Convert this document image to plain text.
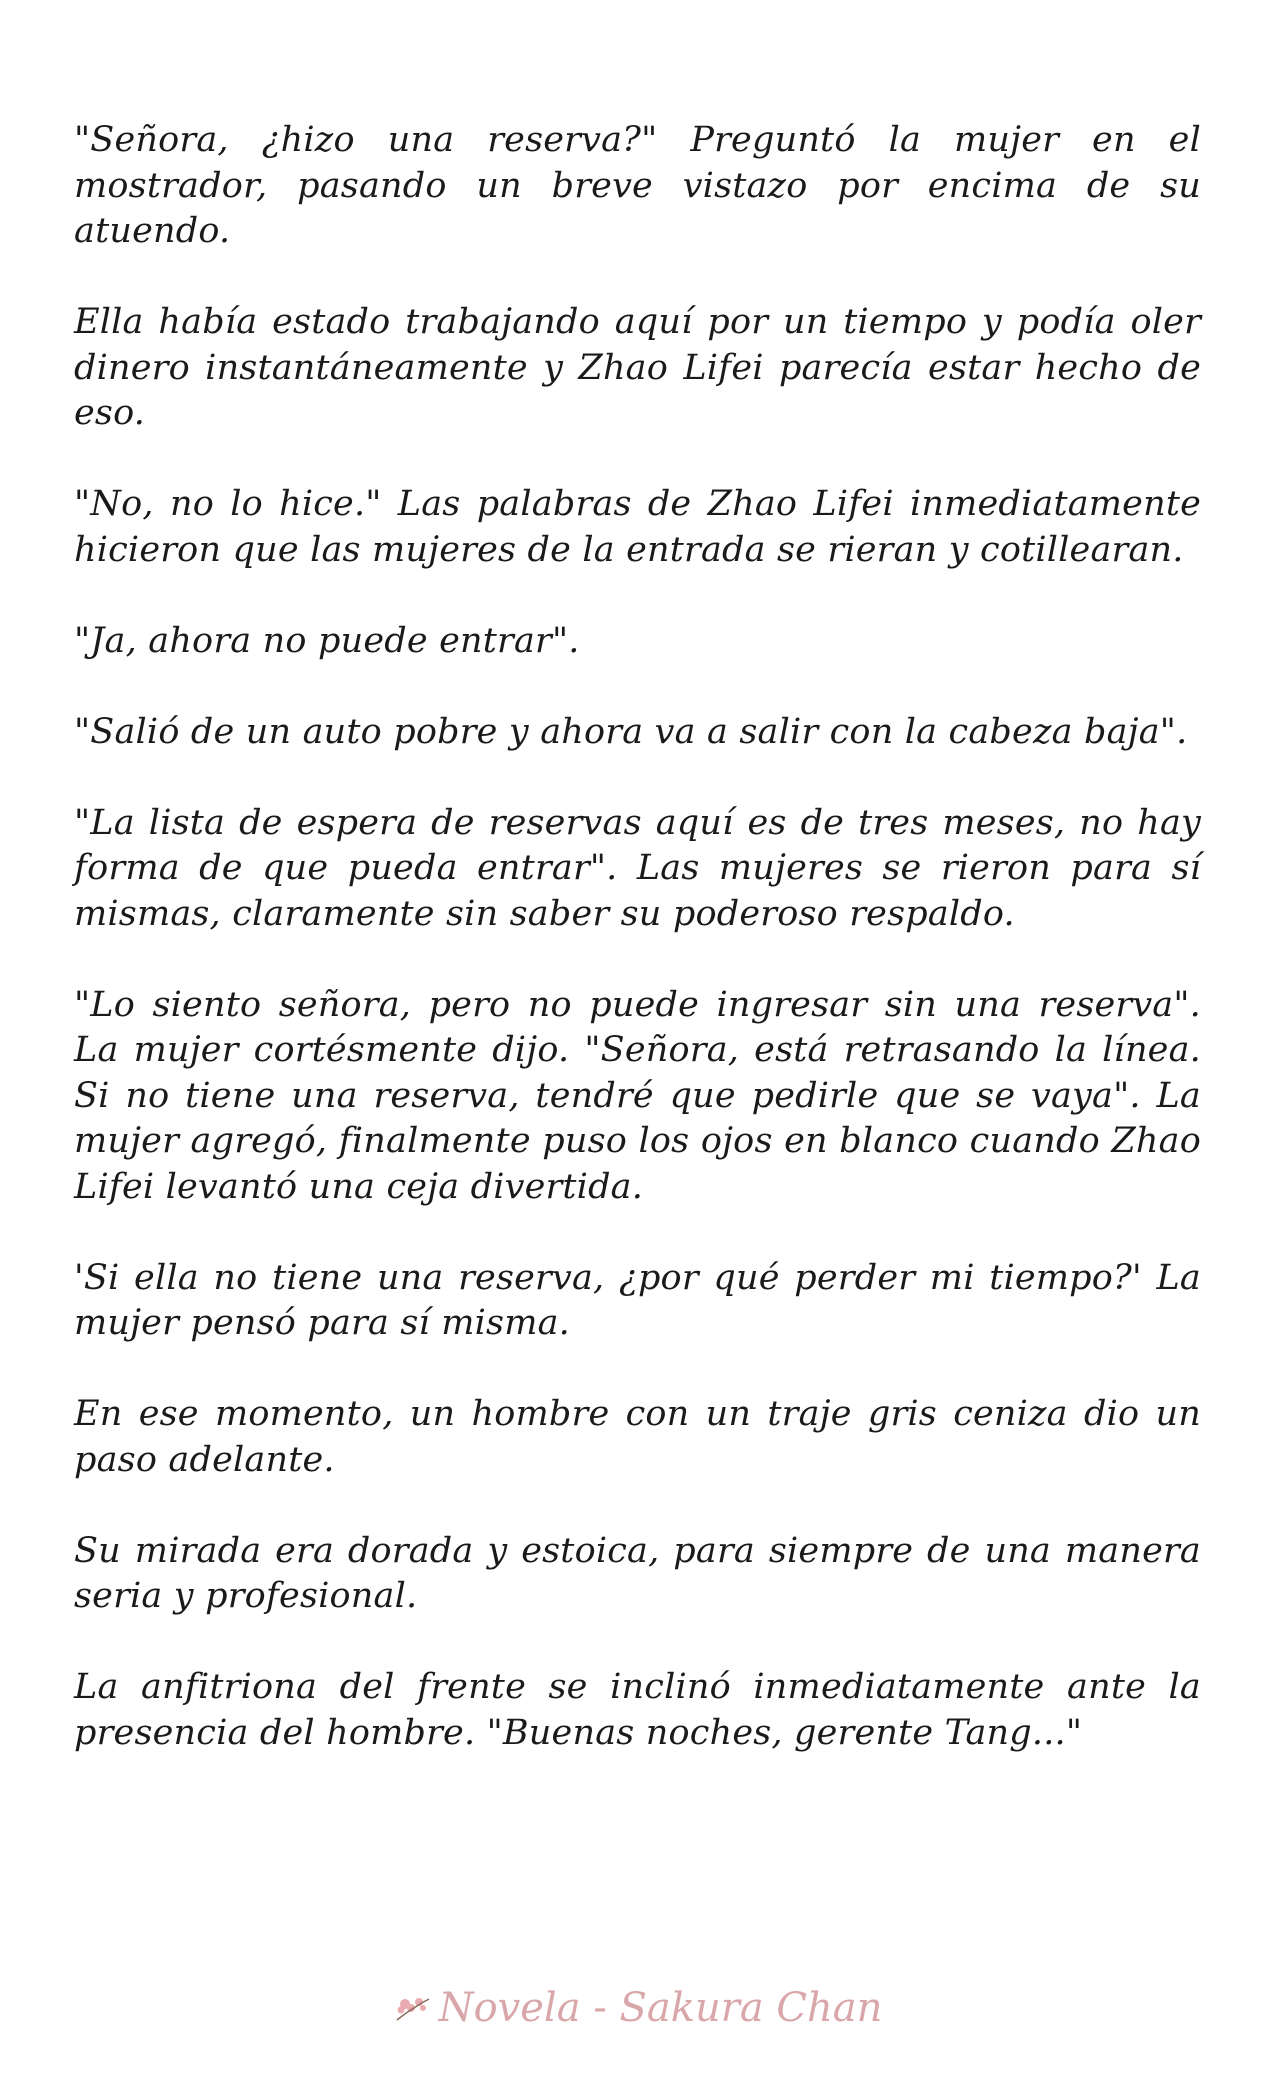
"Señora, ¿hizo una reserva?" Preguntó la mujer en el mostrador, pasando un breve vistazo por encima de su atuendo.

Ella había estado trabajando aquí por un tiempo y podía oler dinero instantáneamente y Zhao Lifei parecía estar hecho de eso.

"No, no lo hice." Las palabras de Zhao Lifei inmediatamente hicieron que las mujeres de la entrada se rieran y cotillearan.

"Ja, ahora no puede entrar".

"Salió de un auto pobre y ahora va a salir con la cabeza baja".

"La lista de espera de reservas aquí es de tres meses, no hay forma de que pueda entrar". Las mujeres se rieron para sí mismas, claramente sin saber su poderoso respaldo.

"Lo siento señora, pero no puede ingresar sin una reserva". La mujer cortésmente dijo. "Señora, está retrasando la línea. Si no tiene una reserva, tendré que pedirle que se vaya". La mujer agregó, finalmente puso los ojos en blanco cuando Zhao Lifei levantó una ceja divertida.

'Si ella no tiene una reserva, ¿por qué perder mi tiempo?' La mujer pensó para sí misma.

En ese momento, un hombre con un traje gris ceniza dio un paso adelante.

Su mirada era dorada y estoica, para siempre de una manera seria y profesional.

La anfitriona del frente se inclinó inmediatamente ante la presencia del hombre. "Buenas noches, gerente Tang..."

Novela - Sakura Chan
